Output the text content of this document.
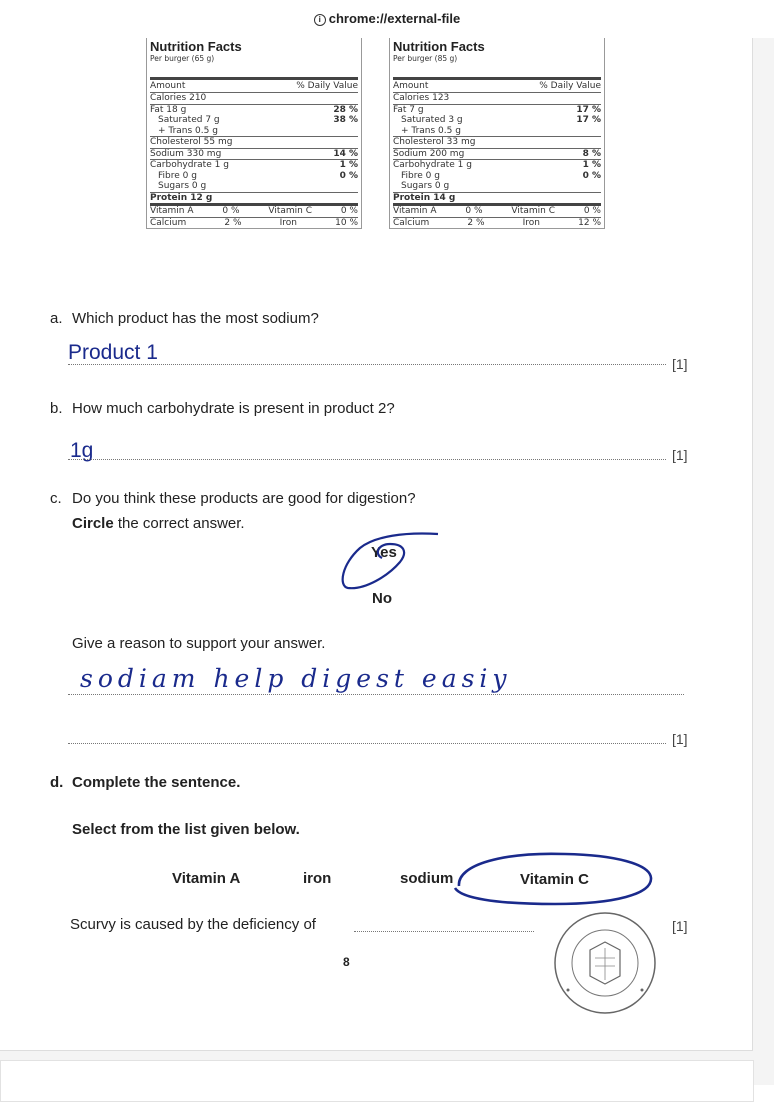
i chrome://external-file
Nutrition Facts
Per burger (65 g)
Amount	% Daily Value
Calories 210
Fat 18 g	28 %
Saturated 7 g	38 %
+ Trans 0.5 g
Cholesterol 55 mg
Sodium 330 mg	14 %
Carbohydrate 1 g	1 %
Fibre 0 g	0 %
Sugars 0 g
Protein 12 g
Vitamin A	0 %	Vitamin C	0 %
Calcium	2 %	Iron	10 %
Nutrition Facts
Per burger (85 g)
Amount	% Daily Value
Calories 123
Fat 7 g	17 %
Saturated 3 g	17 %
+ Trans 0.5 g
Cholesterol 33 mg
Sodium 200 mg	8 %
Carbohydrate 1 g	1 %
Fibre 0 g	0 %
Sugars 0 g
Protein 14 g
Vitamin A	0 %	Vitamin C	0 %
Calcium	2 %	Iron	12 %
a. Which product has the most sodium?
Product 1	[1]
b. How much carbohydrate is present in product 2?
1g	[1]
c. Do you think these products are good for digestion?
Circle the correct answer.
Yes
No
Give a reason to support your answer.
sodiam help digest easiy
[1]
d. Complete the sentence.
Select from the list given below.
Vitamin A	iron	sodium	Vitamin C
Scurvy is caused by the deficiency of	[1]
8
